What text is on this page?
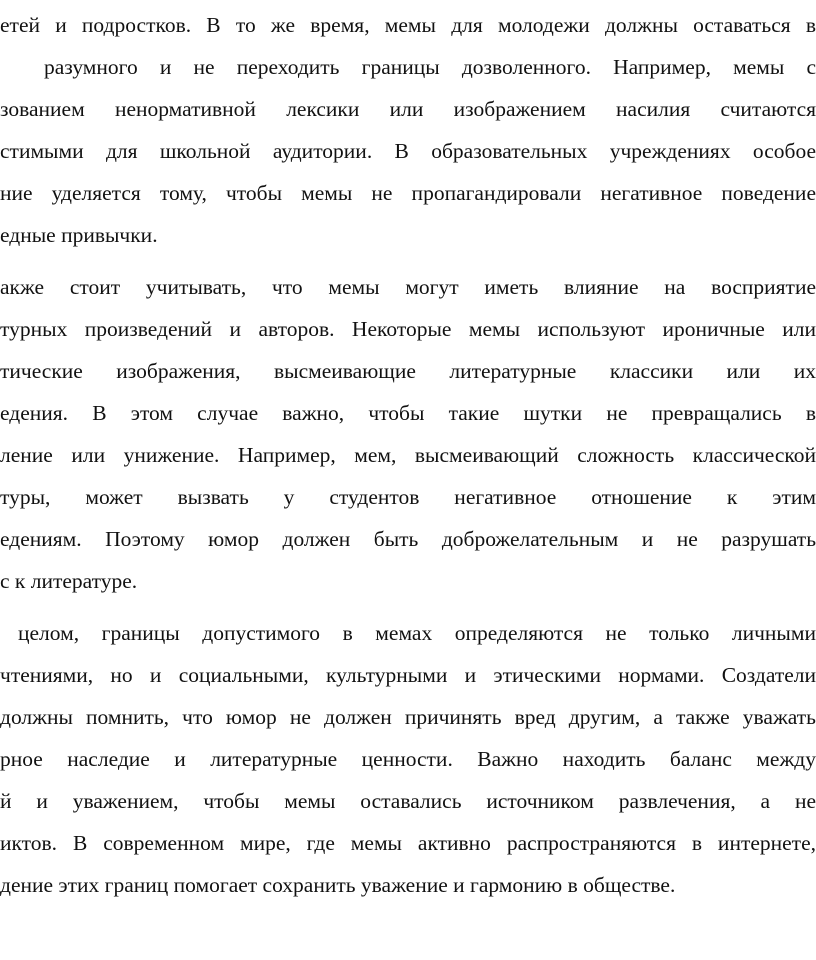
етей и подростков. В то же время, мемы для молодежи должны оставаться в
разумного и не переходить границы дозволенного. Например, мемы с
зованием ненормативной лексики или изображением насилия считаются
стимыми для школьной аудитории. В образовательных учреждениях особое
ние уделяется тому, чтобы мемы не пропагандировали негативное поведение
едные привычки.
акже стоит учитывать, что мемы могут иметь влияние на восприятие
турных произведений и авторов. Некоторые мемы используют ироничные или
тические изображения, высмеивающие литературные классики или их
едения. В этом случае важно, чтобы такие шутки не превращались в
ление или унижение. Например, мем, высмеивающий сложность классической
туры, может вызвать у студентов негативное отношение к этим
едениям. Поэтому юмор должен быть доброжелательным и не разрушать
с к литературе.
целом, границы допустимого в мемах определяются не только личными
чтениями, но и социальными, культурными и этическими нормами. Создатели
должны помнить, что юмор не должен причинять вред другим, а также уважать
рное наследие и литературные ценности. Важно находить баланс между
й и уважением, чтобы мемы оставались источником развлечения, а не
иктов. В современном мире, где мемы активно распространяются в интернете,
дение этих границ помогает сохранить уважение и гармонию в обществе.
